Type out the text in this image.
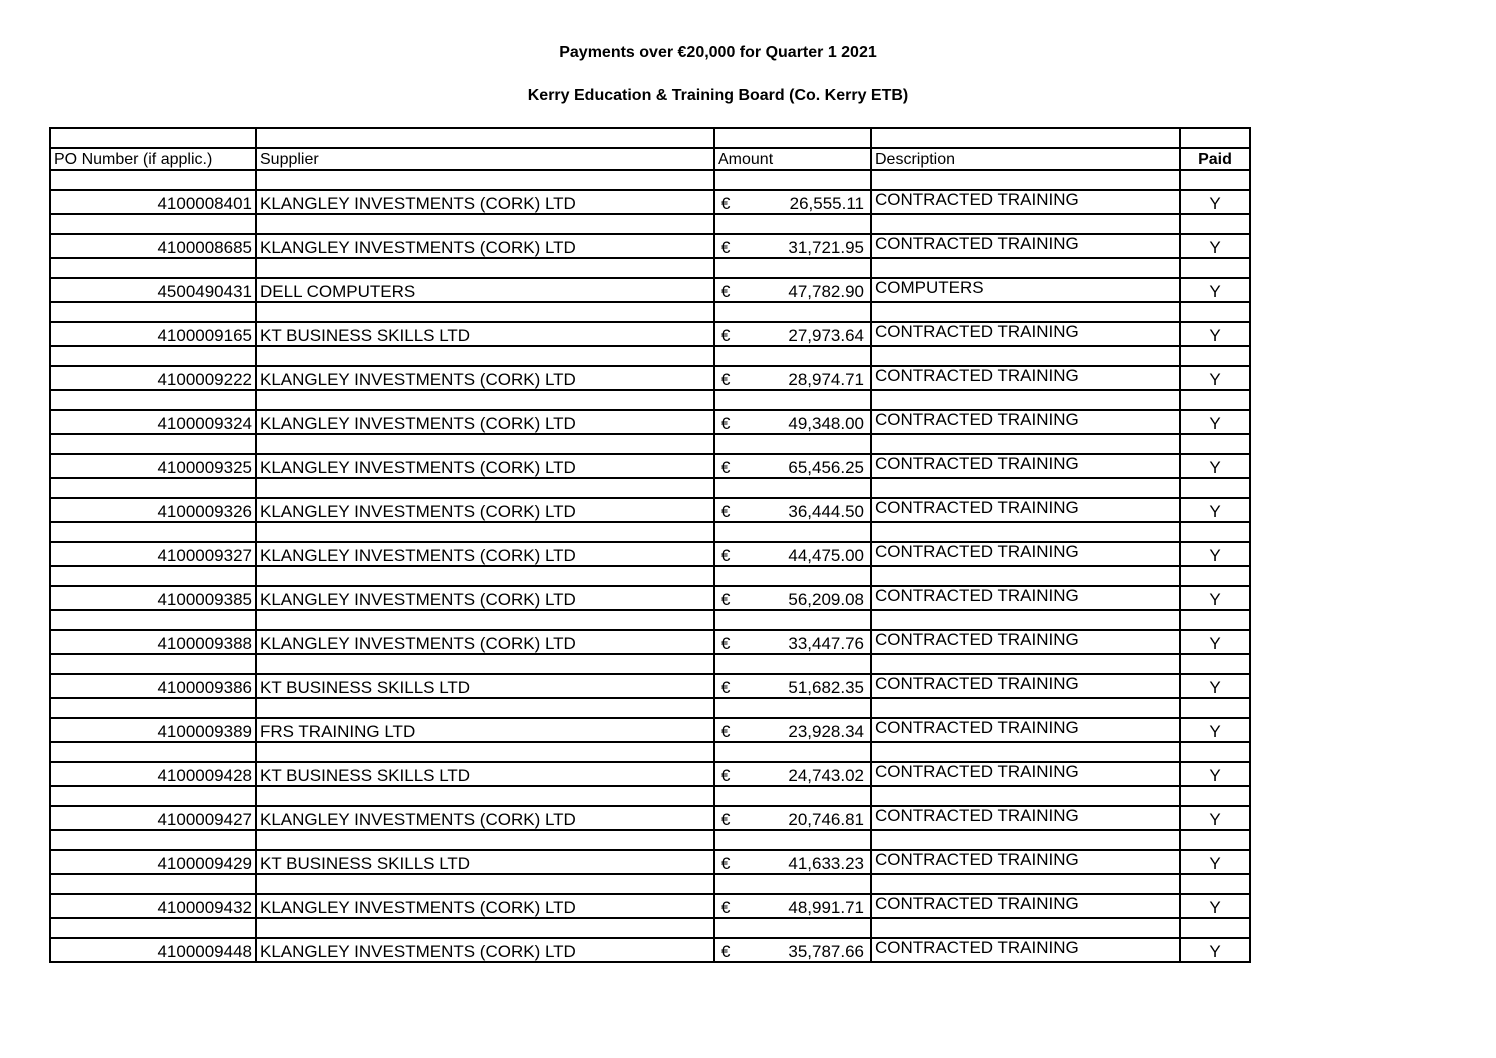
Payments over €20,000 for Quarter 1 2021
Kerry Education & Training Board (Co. Kerry ETB)

PO Number (if applic.)	Supplier	Amount	Description	Paid

4100008401	KLANGLEY INVESTMENTS (CORK) LTD	€ 26,555.11	CONTRACTED TRAINING	Y

4100008685	KLANGLEY INVESTMENTS (CORK) LTD	€ 31,721.95	CONTRACTED TRAINING	Y

4500490431	DELL COMPUTERS	€ 47,782.90	COMPUTERS	Y

4100009165	KT BUSINESS SKILLS LTD	€ 27,973.64	CONTRACTED TRAINING	Y

4100009222	KLANGLEY INVESTMENTS (CORK) LTD	€ 28,974.71	CONTRACTED TRAINING	Y

4100009324	KLANGLEY INVESTMENTS (CORK) LTD	€ 49,348.00	CONTRACTED TRAINING	Y

4100009325	KLANGLEY INVESTMENTS (CORK) LTD	€ 65,456.25	CONTRACTED TRAINING	Y

4100009326	KLANGLEY INVESTMENTS (CORK) LTD	€ 36,444.50	CONTRACTED TRAINING	Y

4100009327	KLANGLEY INVESTMENTS (CORK) LTD	€ 44,475.00	CONTRACTED TRAINING	Y

4100009385	KLANGLEY INVESTMENTS (CORK) LTD	€ 56,209.08	CONTRACTED TRAINING	Y

4100009388	KLANGLEY INVESTMENTS (CORK) LTD	€ 33,447.76	CONTRACTED TRAINING	Y

4100009386	KT BUSINESS SKILLS LTD	€ 51,682.35	CONTRACTED TRAINING	Y

4100009389	FRS TRAINING LTD	€ 23,928.34	CONTRACTED TRAINING	Y

4100009428	KT BUSINESS SKILLS LTD	€ 24,743.02	CONTRACTED TRAINING	Y

4100009427	KLANGLEY INVESTMENTS (CORK) LTD	€ 20,746.81	CONTRACTED TRAINING	Y

4100009429	KT BUSINESS SKILLS LTD	€ 41,633.23	CONTRACTED TRAINING	Y

4100009432	KLANGLEY INVESTMENTS (CORK) LTD	€ 48,991.71	CONTRACTED TRAINING	Y

4100009448	KLANGLEY INVESTMENTS (CORK) LTD	€ 35,787.66	CONTRACTED TRAINING	Y
